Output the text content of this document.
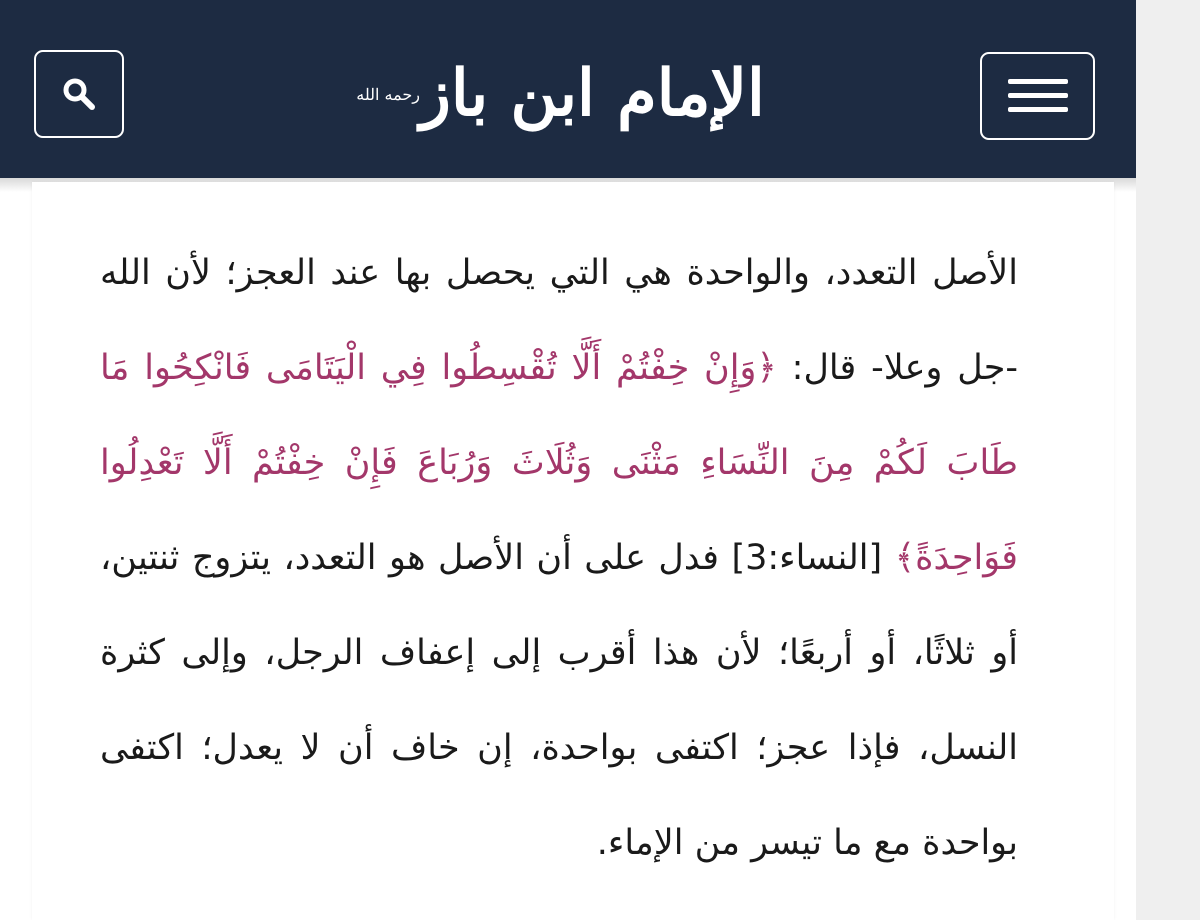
رحمه الله الإمام ابن باز
الأصل التعدد، والواحدة هي التي يحصل بها عند العجز؛ لأن الله -جل وعلا- قال: ﴿وَإِنْ خِفْتُمْ أَلَّا تُقْسِطُوا فِي الْيَتَامَى فَانْكِحُوا مَا طَابَ لَكُمْ مِنَ النِّسَاءِ مَثْنَى وَثُلَاثَ وَرُبَاعَ فَإِنْ خِفْتُمْ أَلَّا تَعْدِلُوا فَوَاحِدَةً﴾ [النساء:3] فدل على أن الأصل هو التعدد، يتزوج ثنتين، أو ثلاثًا، أو أربعًا؛ لأن هذا أقرب إلى إعفاف الرجل، وإلى كثرة النسل، فإذا عجز؛ اكتفى بواحدة، إن خاف أن لا يعدل؛ اكتفى بواحدة مع ما تيسر من الإماء.
